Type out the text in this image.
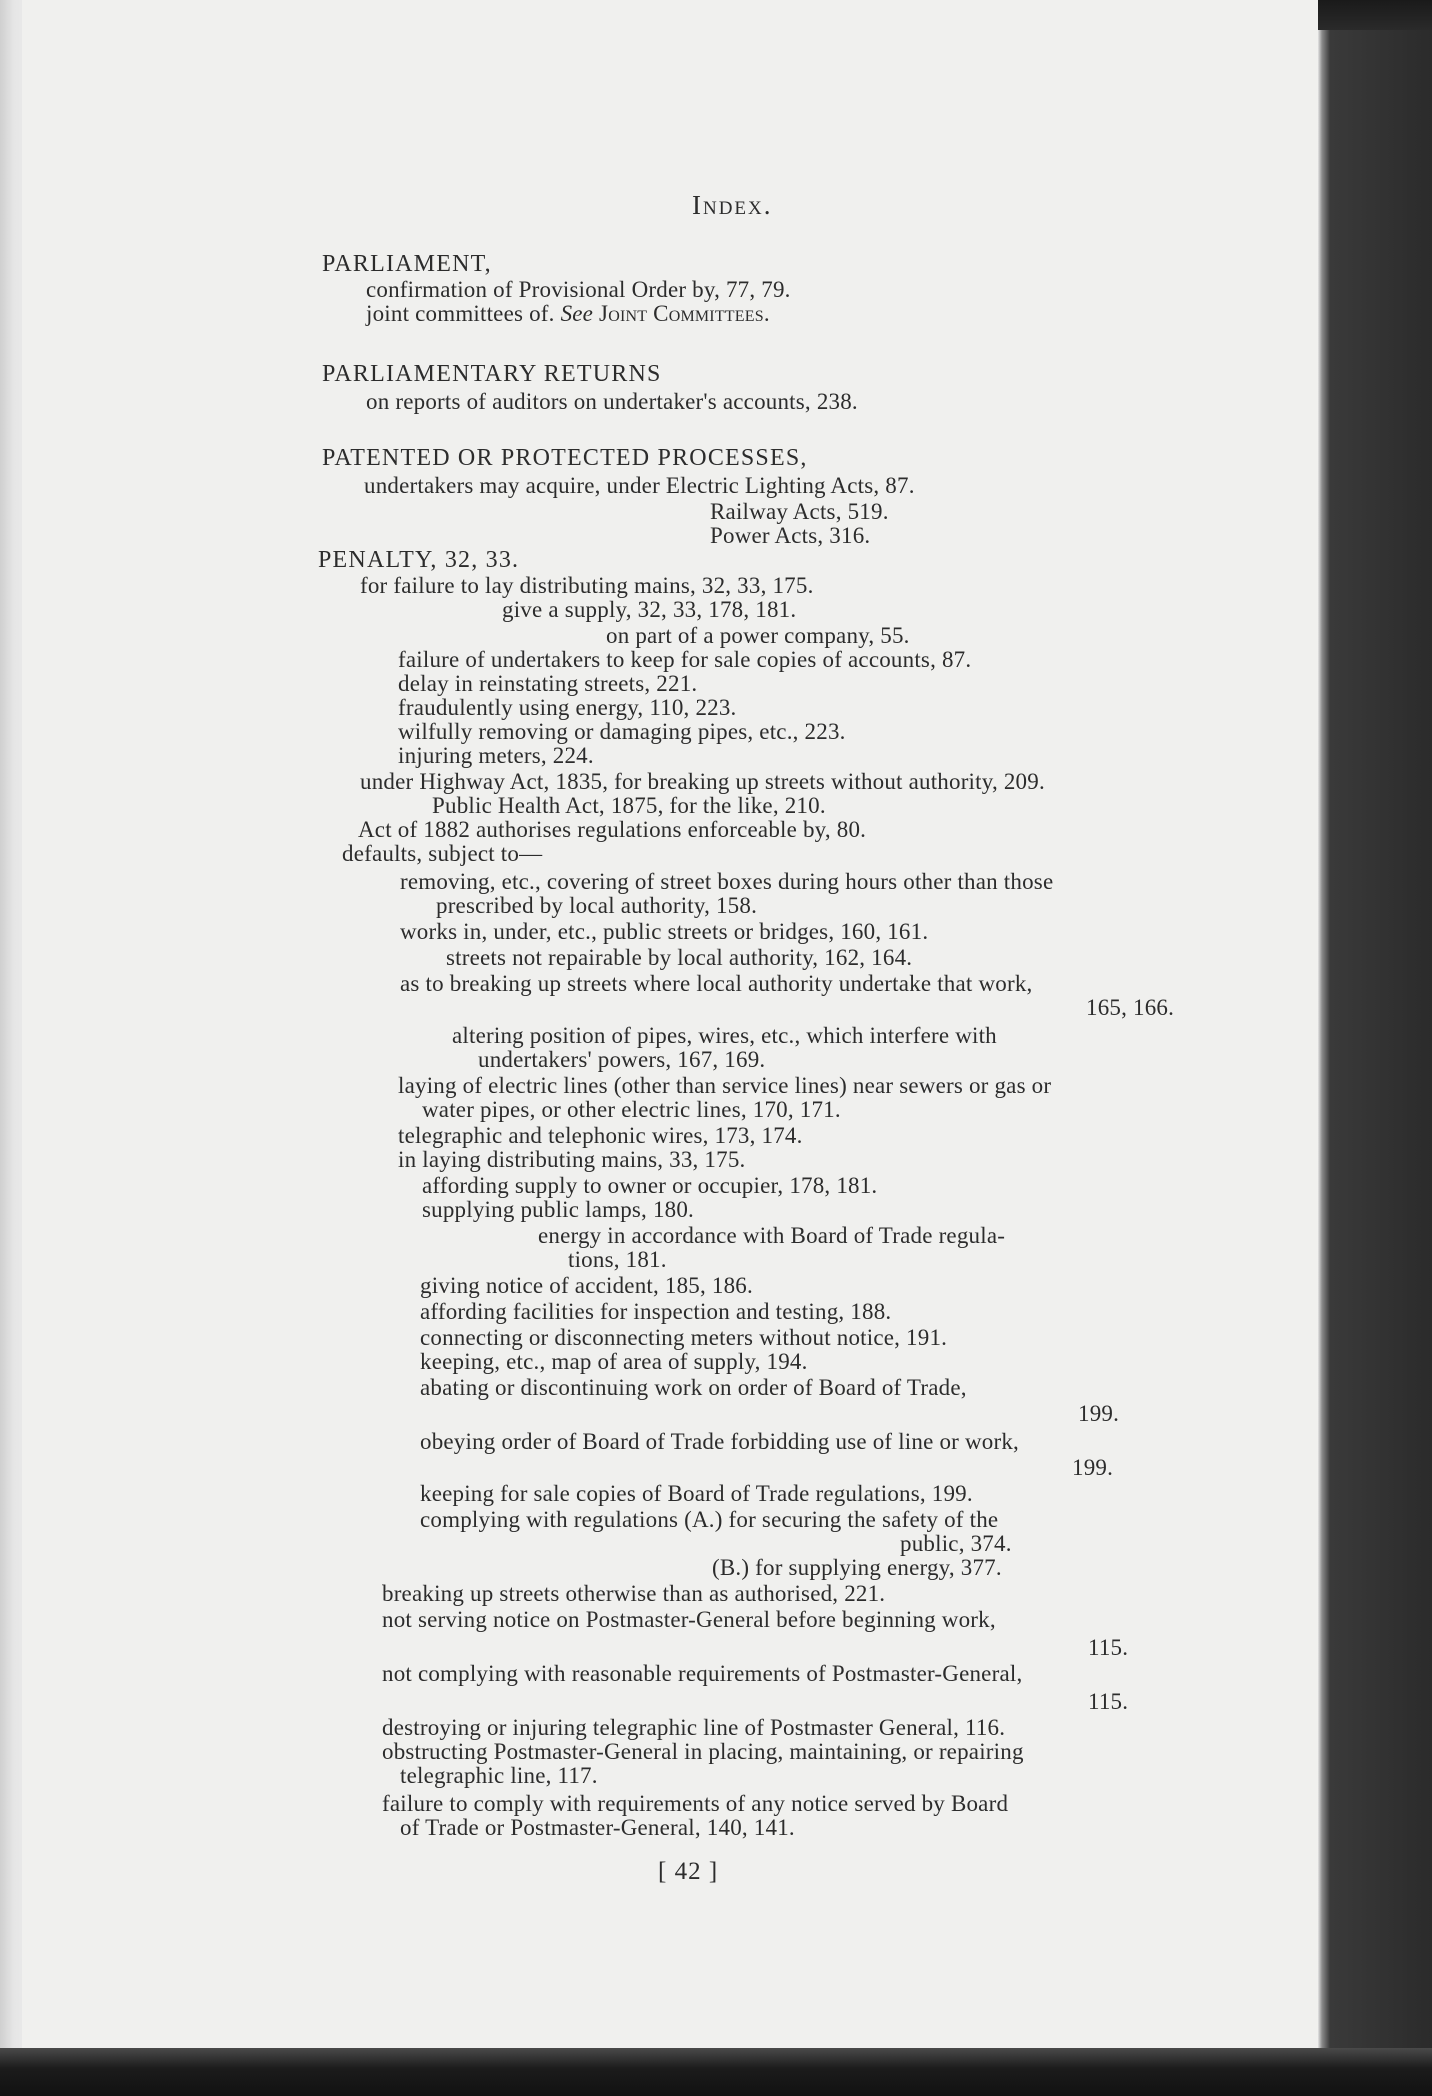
Index.
PARLIAMENT,
confirmation of Provisional Order by, 77, 79.
joint committees of. See Joint Committees.
PARLIAMENTARY RETURNS
on reports of auditors on undertaker's accounts, 238.
PATENTED OR PROTECTED PROCESSES,
undertakers may acquire, under Electric Lighting Acts, 87.
Railway Acts, 519.
Power Acts, 316.
PENALTY, 32, 33.
for failure to lay distributing mains, 32, 33, 175.
give a supply, 32, 33, 178, 181.
on part of a power company, 55.
failure of undertakers to keep for sale copies of accounts, 87.
delay in reinstating streets, 221.
fraudulently using energy, 110, 223.
wilfully removing or damaging pipes, etc., 223.
injuring meters, 224.
under Highway Act, 1835, for breaking up streets without authority, 209.
Public Health Act, 1875, for the like, 210.
Act of 1882 authorises regulations enforceable by, 80.
defaults, subject to—
removing, etc., covering of street boxes during hours other than those
prescribed by local authority, 158.
works in, under, etc., public streets or bridges, 160, 161.
streets not repairable by local authority, 162, 164.
as to breaking up streets where local authority undertake that work,
165, 166.
altering position of pipes, wires, etc., which interfere with
undertakers' powers, 167, 169.
laying of electric lines (other than service lines) near sewers or gas or
water pipes, or other electric lines, 170, 171.
telegraphic and telephonic wires, 173, 174.
in laying distributing mains, 33, 175.
affording supply to owner or occupier, 178, 181.
supplying public lamps, 180.
energy in accordance with Board of Trade regula-
tions, 181.
giving notice of accident, 185, 186.
affording facilities for inspection and testing, 188.
connecting or disconnecting meters without notice, 191.
keeping, etc., map of area of supply, 194.
abating or discontinuing work on order of Board of Trade,
199.
obeying order of Board of Trade forbidding use of line or work,
199.
keeping for sale copies of Board of Trade regulations, 199.
complying with regulations (A.) for securing the safety of the
public, 374.
(B.) for supplying energy, 377.
breaking up streets otherwise than as authorised, 221.
not serving notice on Postmaster-General before beginning work,
115.
not complying with reasonable requirements of Postmaster-General,
115.
destroying or injuring telegraphic line of Postmaster General, 116.
obstructing Postmaster-General in placing, maintaining, or repairing
telegraphic line, 117.
failure to comply with requirements of any notice served by Board
of Trade or Postmaster-General, 140, 141.
[ 42 ]
